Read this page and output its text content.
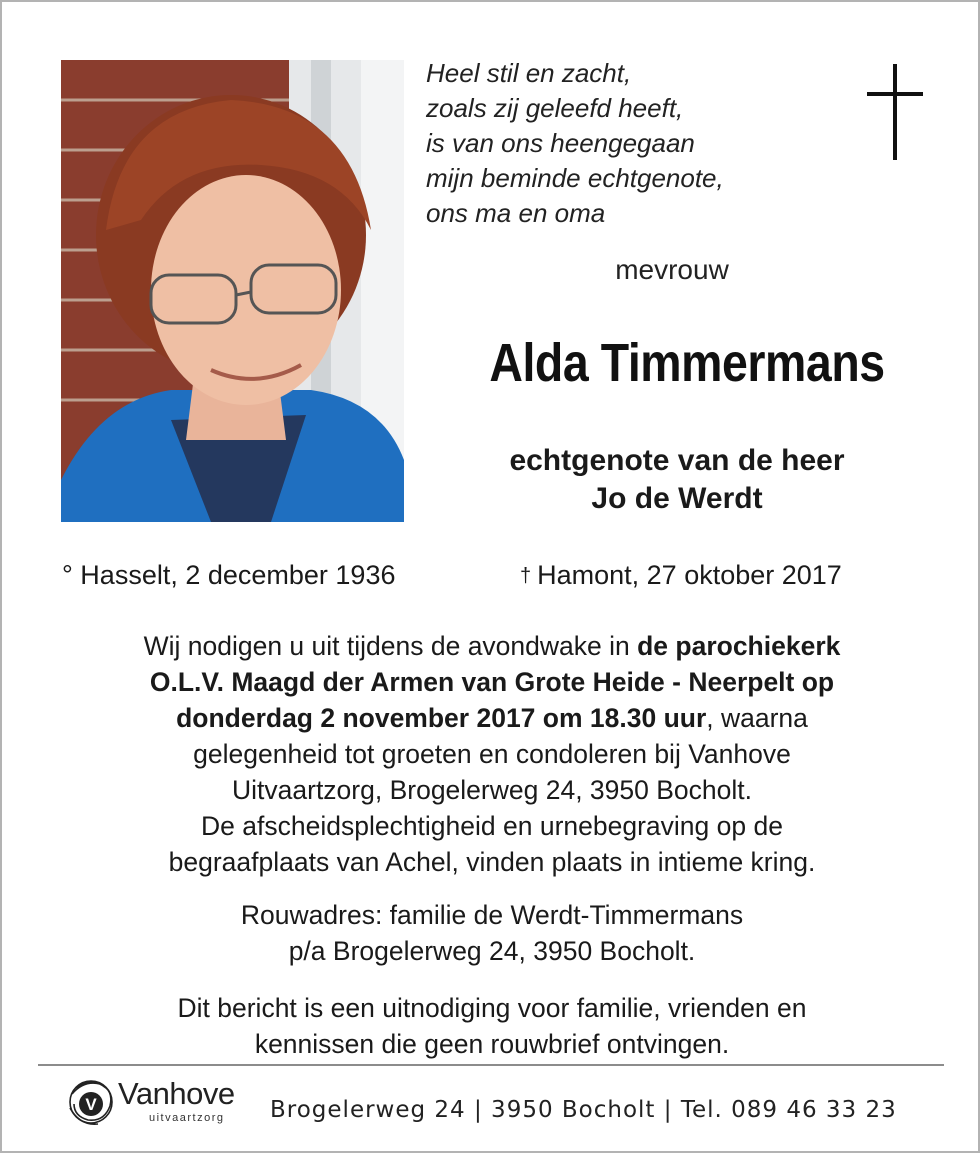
Heel stil en zacht,
zoals zij geleefd heeft,
is van ons heengegaan
mijn beminde echtgenote,
ons ma en oma
mevrouw
Alda Timmermans
echtgenote van de heer
Jo de Werdt
° Hasselt, 2 december 1936	† Hamont, 27 oktober 2017
Wij nodigen u uit tijdens de avondwake in de parochiekerk
O.L.V. Maagd der Armen van Grote Heide - Neerpelt op
donderdag 2 november 2017 om 18.30 uur, waarna
gelegenheid tot groeten en condoleren bij Vanhove
Uitvaartzorg, Brogelerweg 24, 3950 Bocholt.
De afscheidsplechtigheid en urnebegraving op de
begraafplaats van Achel, vinden plaats in intieme kring.
Rouwadres: familie de Werdt-Timmermans
p/a Brogelerweg 24, 3950 Bocholt.
Dit bericht is een uitnodiging voor familie, vrienden en
kennissen die geen rouwbrief ontvingen.
V Vanhove
uitvaartzorg Brogelerweg 24 | 3950 Bocholt | Tel. 089 46 33 23
